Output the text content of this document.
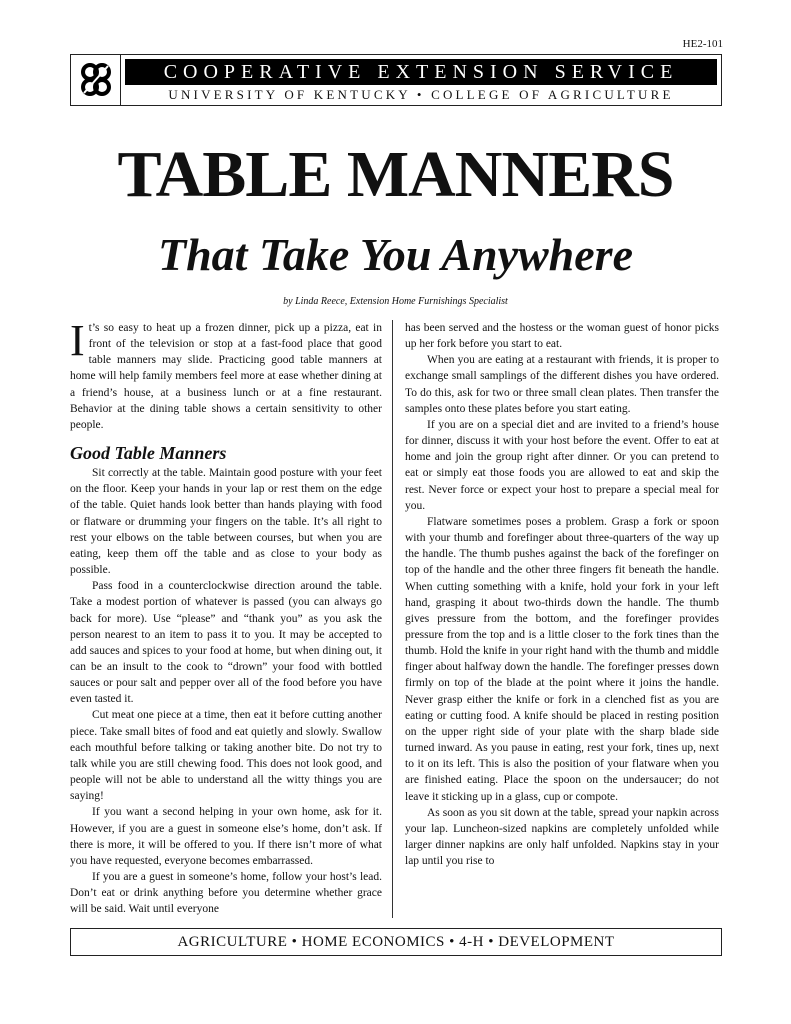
HE2-101
COOPERATIVE EXTENSION SERVICE
UNIVERSITY OF KENTUCKY • COLLEGE OF AGRICULTURE
TABLE MANNERS
That Take You Anywhere
by Linda Reece, Extension Home Furnishings Specialist

It’s so easy to heat up a frozen dinner, pick up a pizza, eat in front of the television or stop at a fast-food place that good table manners may slide. Practicing good table manners at home will help family members feel more at ease whether dining at a friend’s house, at a business lunch or at a fine restaurant. Behavior at the dining table shows a certain sensitivity to other people.

Good Table Manners

Sit correctly at the table. Maintain good posture with your feet on the floor. Keep your hands in your lap or rest them on the edge of the table. Quiet hands look better than hands playing with food or flatware or drumming your fingers on the table. It’s all right to rest your elbows on the table between courses, but when you are eating, keep them off the table and as close to your body as possible.

Pass food in a counterclockwise direction around the table. Take a modest portion of whatever is passed (you can always go back for more). Use “please” and “thank you” as you ask the person nearest to an item to pass it to you. It may be accepted to add sauces and spices to your food at home, but when dining out, it can be an insult to the cook to “drown” your food with bottled sauces or pour salt and pepper over all of the food before you have even tasted it.

Cut meat one piece at a time, then eat it before cutting another piece. Take small bites of food and eat quietly and slowly. Swallow each mouthful before talking or taking another bite. Do not try to talk while you are still chewing food. This does not look good, and people will not be able to understand all the witty things you are saying!

If you want a second helping in your own home, ask for it. However, if you are a guest in someone else’s home, don’t ask. If there is more, it will be offered to you. If there isn’t more of what you have requested, everyone becomes embarrassed.

If you are a guest in someone’s home, follow your host’s lead. Don’t eat or drink anything before you determine whether grace will be said. Wait until everyone

has been served and the hostess or the woman guest of honor picks up her fork before you start to eat.

When you are eating at a restaurant with friends, it is proper to exchange small samplings of the different dishes you have ordered. To do this, ask for two or three small clean plates. Then transfer the samples onto these plates before you start eating.

If you are on a special diet and are invited to a friend’s house for dinner, discuss it with your host before the event. Offer to eat at home and join the group right after dinner. Or you can pretend to eat or simply eat those foods you are allowed to eat and skip the rest. Never force or expect your host to prepare a special meal for you.

Flatware sometimes poses a problem. Grasp a fork or spoon with your thumb and forefinger about three-quarters of the way up the handle. The thumb pushes against the back of the forefinger on top of the handle and the other three fingers fit beneath the handle. When cutting something with a knife, hold your fork in your left hand, grasping it about two-thirds down the handle. The thumb gives pressure from the bottom, and the forefinger provides pressure from the top and is a little closer to the fork tines than the thumb. Hold the knife in your right hand with the thumb and middle finger about halfway down the handle. The forefinger presses down firmly on top of the blade at the point where it joins the handle. Never grasp either the knife or fork in a clenched fist as you are eating or cutting food. A knife should be placed in resting position on the upper right side of your plate with the sharp blade side turned inward. As you pause in eating, rest your fork, tines up, next to it on its left. This is also the position of your flatware when you are finished eating. Place the spoon on the undersaucer; do not leave it sticking up in a glass, cup or compote.

As soon as you sit down at the table, spread your napkin across your lap. Luncheon-sized napkins are completely unfolded while larger dinner napkins are only half unfolded. Napkins stay in your lap until you rise to

AGRICULTURE • HOME ECONOMICS • 4-H • DEVELOPMENT
